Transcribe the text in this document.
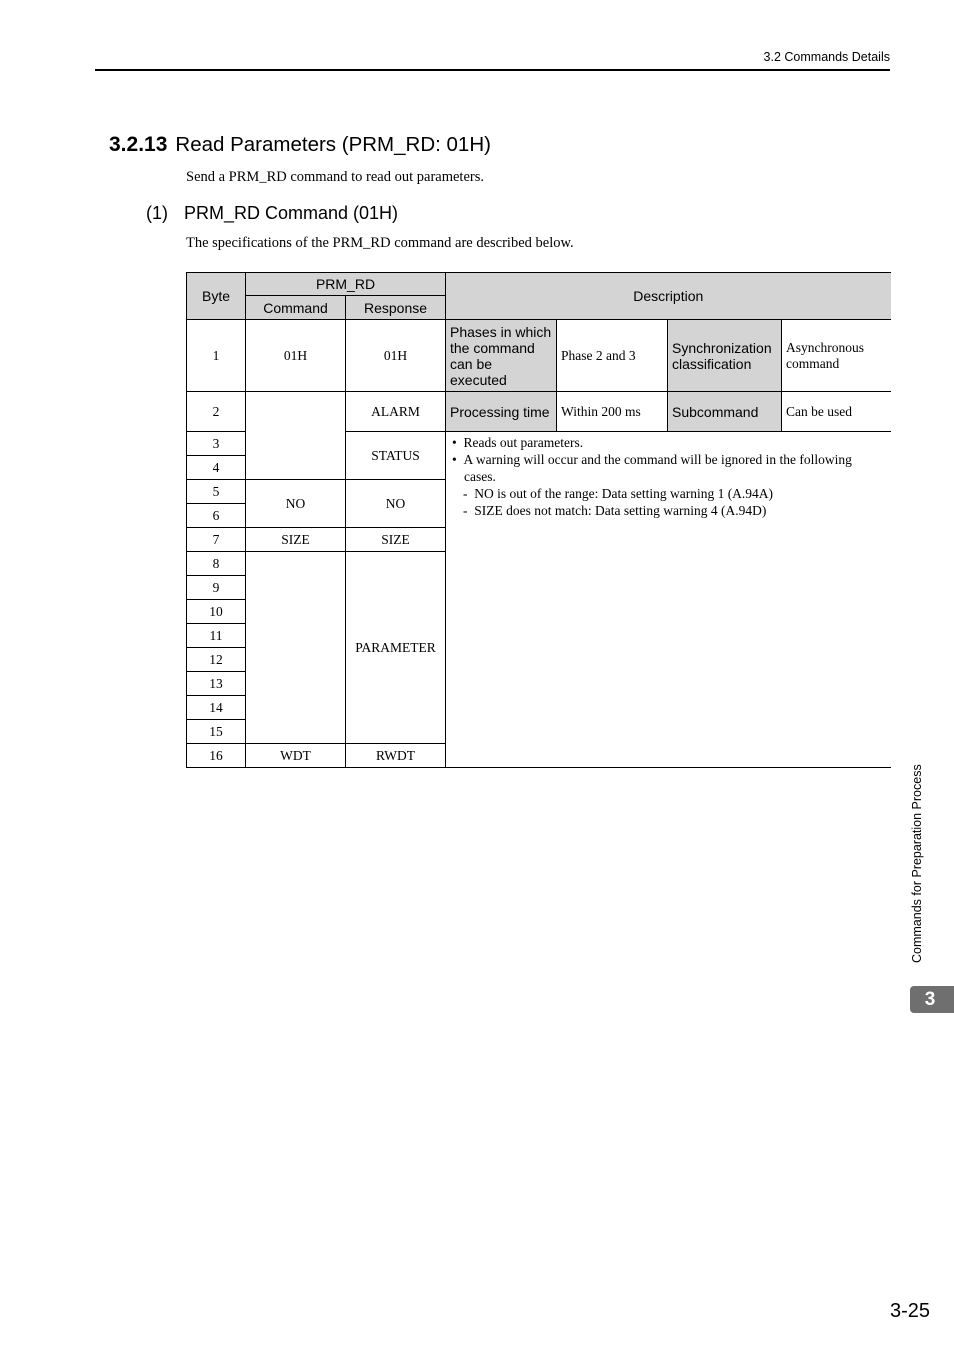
3.2 Commands Details
3.2.13 Read Parameters (PRM_RD: 01H)
Send a PRM_RD command to read out parameters.
(1) PRM_RD Command (01H)
The specifications of the PRM_RD command are described below.
Byte	PRM_RD		Description			
	Command	Response				
1	01H	01H	Phases in which the command can be executed	Phase 2 and 3	Synchronization classification	Asynchronous command
2		ALARM	Processing time	Within 200 ms	Subcommand	Can be used
3		STATUS	•  Reads out parameters.
•  A warning will occur and the command will be ignored in the following cases.
-  NO is out of the range: Data setting warning 1 (A.94A)
-  SIZE does not match: Data setting warning 4 (A.94D)			

4						
5	NO	NO				
6						
7	SIZE	SIZE				
8		PARAMETER				
9						
10						
11						
12						
13						
14						
15						
16	WDT	RWDT				
Commands for Preparation Process
3
3-25
